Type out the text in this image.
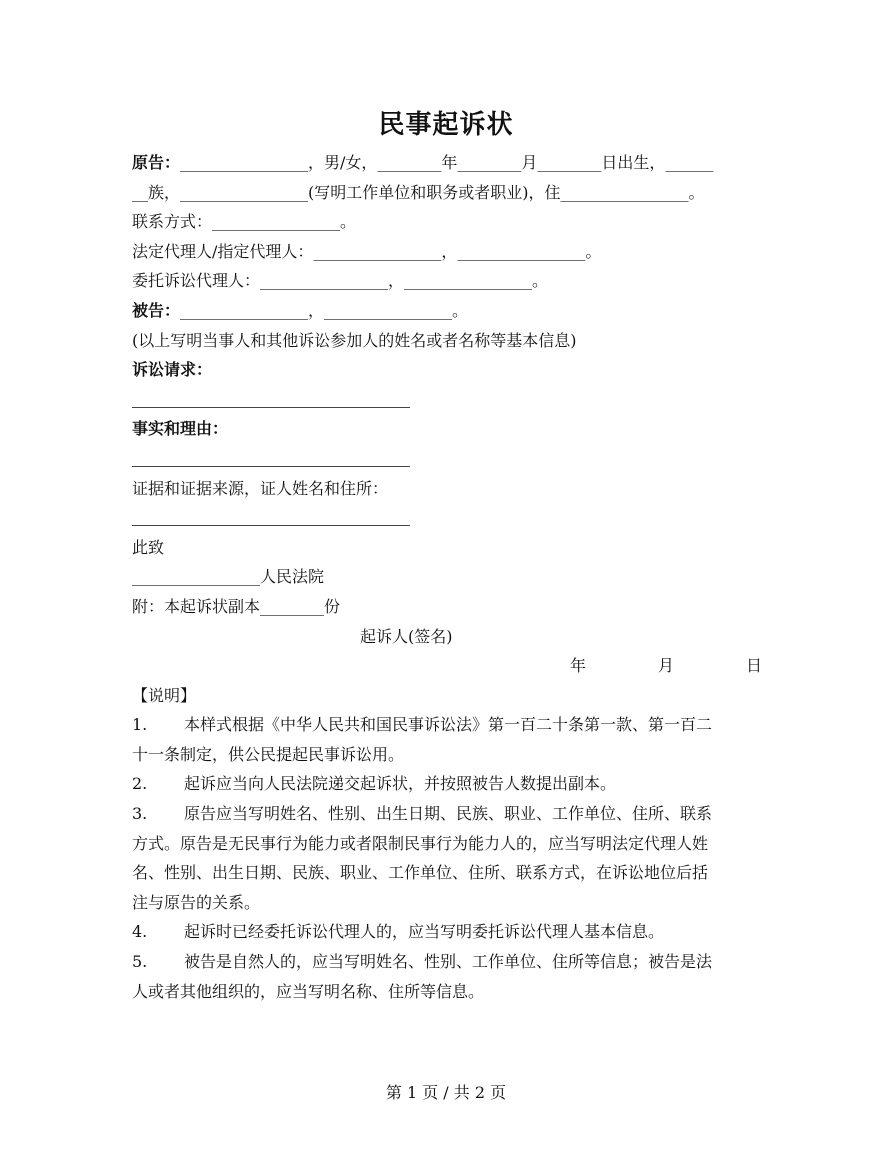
民事起诉状
原告：________________，男/女，________年________月________日出生，______
__族，________________(写明工作单位和职务或者职业)，住________________。
联系方式：________________。
法定代理人/指定代理人：________________，________________。
委托诉讼代理人：________________，________________。
被告：________________，________________。
(以上写明当事人和其他诉讼参加人的姓名或者名称等基本信息)
诉讼请求：
事实和理由：
证据和证据来源，证人姓名和住所：
此致
________________人民法院
附：本起诉状副本________份
起诉人(签名)
年	月	日
【说明】
1. 本样式根据《中华人民共和国民事诉讼法》第一百二十条第一款、第一百二
十一条制定，供公民提起民事诉讼用。
2. 起诉应当向人民法院递交起诉状，并按照被告人数提出副本。
3. 原告应当写明姓名、性别、出生日期、民族、职业、工作单位、住所、联系
方式。原告是无民事行为能力或者限制民事行为能力人的，应当写明法定代理人姓
名、性别、出生日期、民族、职业、工作单位、住所、联系方式，在诉讼地位后括
注与原告的关系。
4. 起诉时已经委托诉讼代理人的，应当写明委托诉讼代理人基本信息。
5. 被告是自然人的，应当写明姓名、性别、工作单位、住所等信息；被告是法
人或者其他组织的，应当写明名称、住所等信息。
第 1 页 / 共 2 页
